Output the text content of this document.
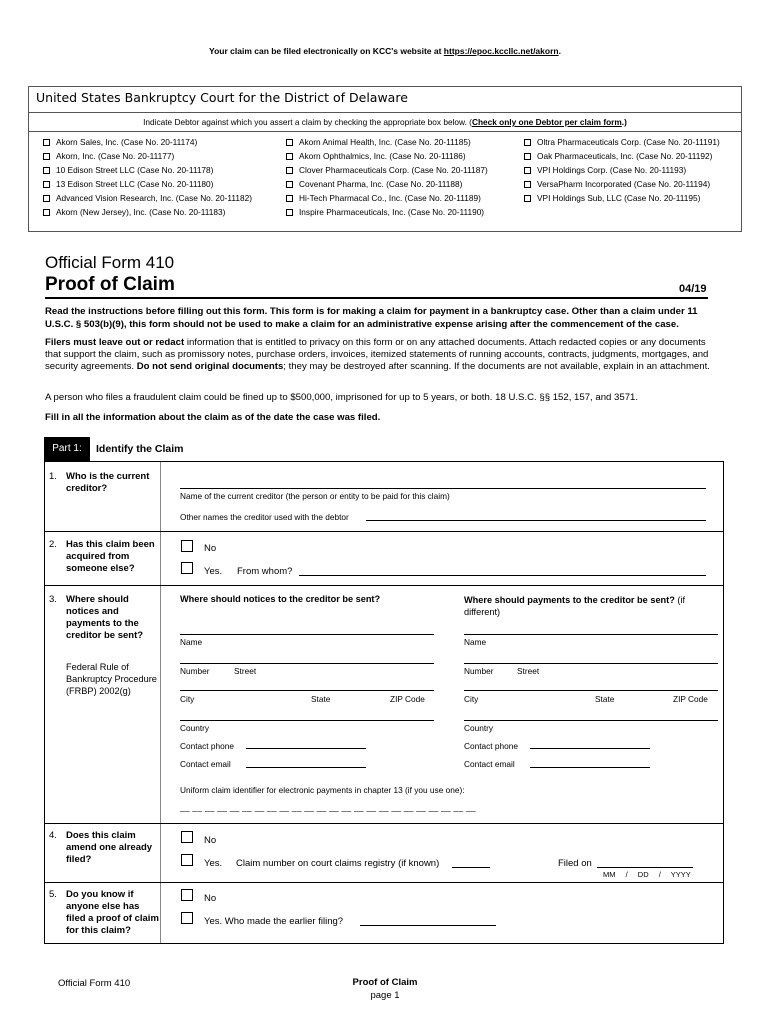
Your claim can be filed electronically on KCC's website at https://epoc.kccllc.net/akorn.
United States Bankruptcy Court for the District of Delaware
Indicate Debtor against which you assert a claim by checking the appropriate box below. (Check only one Debtor per claim form.)
Akorn Sales, Inc. (Case No. 20-11174)
Akorn, Inc. (Case No. 20-11177)
10 Edison Street LLC (Case No. 20-11178)
13 Edison Street LLC (Case No. 20-11180)
Advanced Vision Research, Inc. (Case No. 20-11182)
Akorn (New Jersey), Inc. (Case No. 20-11183)
Akorn Animal Health, Inc. (Case No. 20-11185)
Akorn Ophthalmics, Inc. (Case No. 20-11186)
Clover Pharmaceuticals Corp. (Case No. 20-11187)
Covenant Pharma, Inc. (Case No. 20-11188)
Hi-Tech Pharmacal Co., Inc. (Case No. 20-11189)
Inspire Pharmaceuticals, Inc. (Case No. 20-11190)
Oltra Pharmaceuticals Corp. (Case No. 20-11191)
Oak Pharmaceuticals, Inc. (Case No. 20-11192)
VPI Holdings Corp. (Case No. 20-11193)
VersaPharm Incorporated (Case No. 20-11194)
VPI Holdings Sub, LLC (Case No. 20-11195)
Official Form 410
Proof of Claim	04/19
Read the instructions before filling out this form. This form is for making a claim for payment in a bankruptcy case. Other than a claim under 11 U.S.C. § 503(b)(9), this form should not be used to make a claim for an administrative expense arising after the commencement of the case.
Filers must leave out or redact information that is entitled to privacy on this form or on any attached documents. Attach redacted copies or any documents that support the claim, such as promissory notes, purchase orders, invoices, itemized statements of running accounts, contracts, judgments, mortgages, and security agreements. Do not send original documents; they may be destroyed after scanning. If the documents are not available, explain in an attachment.
A person who files a fraudulent claim could be fined up to $500,000, imprisoned for up to 5 years, or both. 18 U.S.C. §§ 152, 157, and 3571.
Fill in all the information about the claim as of the date the case was filed.
Part 1:	Identify the Claim
1. Who is the current creditor?
Name of the current creditor (the person or entity to be paid for this claim)
Other names the creditor used with the debtor
2. Has this claim been acquired from someone else?
No
Yes. From whom?
3. Where should notices and payments to the creditor be sent?
Federal Rule of Bankruptcy Procedure (FRBP) 2002(g)
Where should notices to the creditor be sent?	Where should payments to the creditor be sent? (if different)
Name
Number	Street
City	State	ZIP Code
Country
Contact phone
Contact email
Name
Number	Street
City	State	ZIP Code
Country
Contact phone
Contact email
Uniform claim identifier for electronic payments in chapter 13 (if you use one):
__ __ __ __ __ __ __ __ __ __ __ __ __ __ __ __ __ __ __ __ __ __ __ __
4. Does this claim amend one already filed?
No
Yes. Claim number on court claims registry (if known)	Filed on
MM / DD / YYYY
5. Do you know if anyone else has filed a proof of claim for this claim?
No
Yes. Who made the earlier filing?
Official Form 410	Proof of Claim
page 1
